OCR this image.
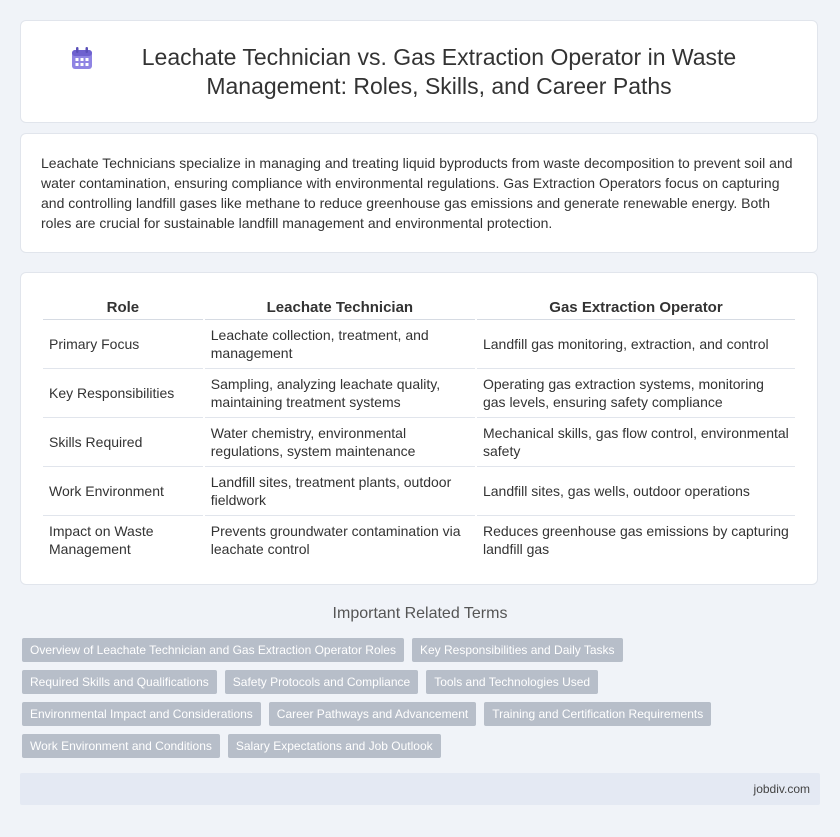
Leachate Technician vs. Gas Extraction Operator in Waste Management: Roles, Skills, and Career Paths

Leachate Technicians specialize in managing and treating liquid byproducts from waste decomposition to prevent soil and water contamination, ensuring compliance with environmental regulations. Gas Extraction Operators focus on capturing and controlling landfill gases like methane to reduce greenhouse gas emissions and generate renewable energy. Both roles are crucial for sustainable landfill management and environmental protection.

Role	Leachate Technician	Gas Extraction Operator
Primary Focus	Leachate collection, treatment, and management	Landfill gas monitoring, extraction, and control
Key Responsibilities	Sampling, analyzing leachate quality, maintaining treatment systems	Operating gas extraction systems, monitoring gas levels, ensuring safety compliance
Skills Required	Water chemistry, environmental regulations, system maintenance	Mechanical skills, gas flow control, environmental safety
Work Environment	Landfill sites, treatment plants, outdoor fieldwork	Landfill sites, gas wells, outdoor operations
Impact on Waste Management	Prevents groundwater contamination via leachate control	Reduces greenhouse gas emissions by capturing landfill gas
Important Related Terms
Overview of Leachate Technician and Gas Extraction Operator Roles	Key Responsibilities and Daily Tasks
Required Skills and Qualifications	Safety Protocols and Compliance	Tools and Technologies Used
Environmental Impact and Considerations	Career Pathways and Advancement	Training and Certification Requirements
Work Environment and Conditions	Salary Expectations and Job Outlook
jobdiv.com
